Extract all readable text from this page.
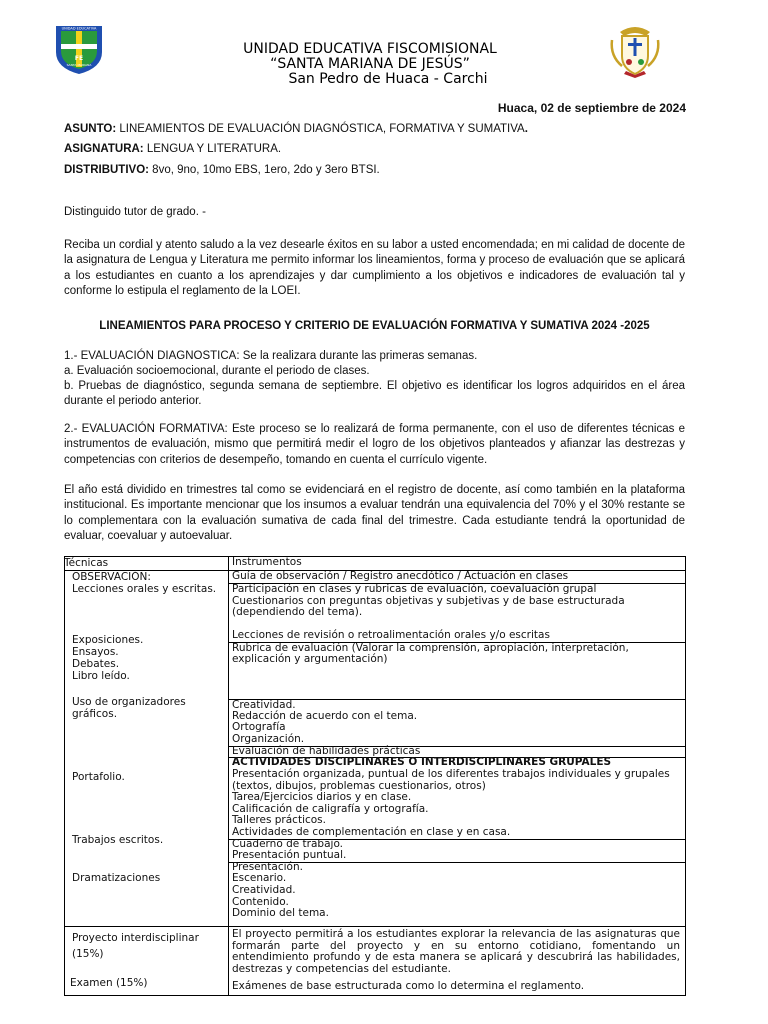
UNIDAD EDUCATIVA
FE
SANTA MARIANA
UNIDAD EDUCATIVA FISCOMISIONAL
“SANTA MARIANA DE JESÚS”
San Pedro de Huaca - Carchi
Huaca, 02 de septiembre de 2024
ASUNTO: LINEAMIENTOS DE EVALUACIÓN DIAGNÓSTICA, FORMATIVA Y SUMATIVA.
ASIGNATURA: LENGUA Y LITERATURA.
DISTRIBUTIVO: 8vo, 9no, 10mo EBS, 1ero, 2do y 3ero BTSI.

Distinguido tutor de grado. -

Reciba un cordial y atento saludo a la vez desearle éxitos en su labor a usted encomendada; en mi calidad de docente de la asignatura de Lengua y Literatura me permito informar los lineamientos, forma y proceso de evaluación que se aplicará a los estudiantes en cuanto a los aprendizajes y dar cumplimiento a los objetivos e indicadores de evaluación tal y conforme lo estipula el reglamento de la LOEI.

LINEAMIENTOS PARA PROCESO Y CRITERIO DE EVALUACIÓN FORMATIVA Y SUMATIVA 2024 -2025

1.- EVALUACIÓN DIAGNOSTICA: Se la realizara durante las primeras semanas.

a. Evaluación socioemocional, durante el periodo de clases.

b. Pruebas de diagnóstico, segunda semana de septiembre. El objetivo es identificar los logros adquiridos en el área durante el periodo anterior.

2.- EVALUACIÓN FORMATIVA: Este proceso se lo realizará de forma permanente, con el uso de diferentes técnicas e instrumentos de evaluación, mismo que permitirá medir el logro de los objetivos planteados y afianzar las destrezas y competencias con criterios de desempeño, tomando en cuenta el currículo vigente.

El año está dividido en trimestres tal como se evidenciará en el registro de docente, así como también en la plataforma institucional. Es importante mencionar que los insumos a evaluar tendrán una equivalencia del 70% y el 30% restante se lo complementara con la evaluación sumativa de cada final del trimestre. Cada estudiante tendrá la oportunidad de evaluar, coevaluar y autoevaluar.

Técnicas
OBSERVACIÓN:
Lecciones orales y escritas.
Exposiciones.
Ensayos.
Debates.
Libro leído.
Uso de organizadores
gráficos.
Portafolio.
Trabajos escritos.
Dramatizaciones
Proyecto interdisciplinar
(15%)
Examen (15%)
Instrumentos
Guía de observación / Registro anecdótico / Actuación en clases
Participación en clases y rubricas de evaluación, coevaluación grupal
Cuestionarios con preguntas objetivas y subjetivas y de base estructurada
(dependiendo del tema).
Lecciones de revisión o retroalimentación orales y/o escritas
Rubrica de evaluación (Valorar la comprensión, apropiación, interpretación,
explicación y argumentación)
Creatividad.
Redacción de acuerdo con el tema.
Ortografía
Organización.
Evaluación de habilidades prácticas
ACTIVIDADES DISCIPLINARES O INTERDISCIPLINARES GRUPALES
Presentación organizada, puntual de los diferentes trabajos individuales y grupales
(textos, dibujos, problemas cuestionarios, otros)
Tarea/Ejercicios diarios y en clase.
Calificación de caligrafía y ortografía.
Talleres prácticos.
Actividades de complementación en clase y en casa.
Cuaderno de trabajo.
Presentación puntual.
Presentación.
Escenario.
Creatividad.
Contenido.
Dominio del tema.
El proyecto permitirá a los estudiantes explorar la relevancia de las asignaturas que formarán parte del proyecto y en su entorno cotidiano, fomentando un entendimiento profundo y de esta manera se aplicará y descubrirá las habilidades, destrezas y competencias del estudiante.
Exámenes de base estructurada como lo determina el reglamento.
